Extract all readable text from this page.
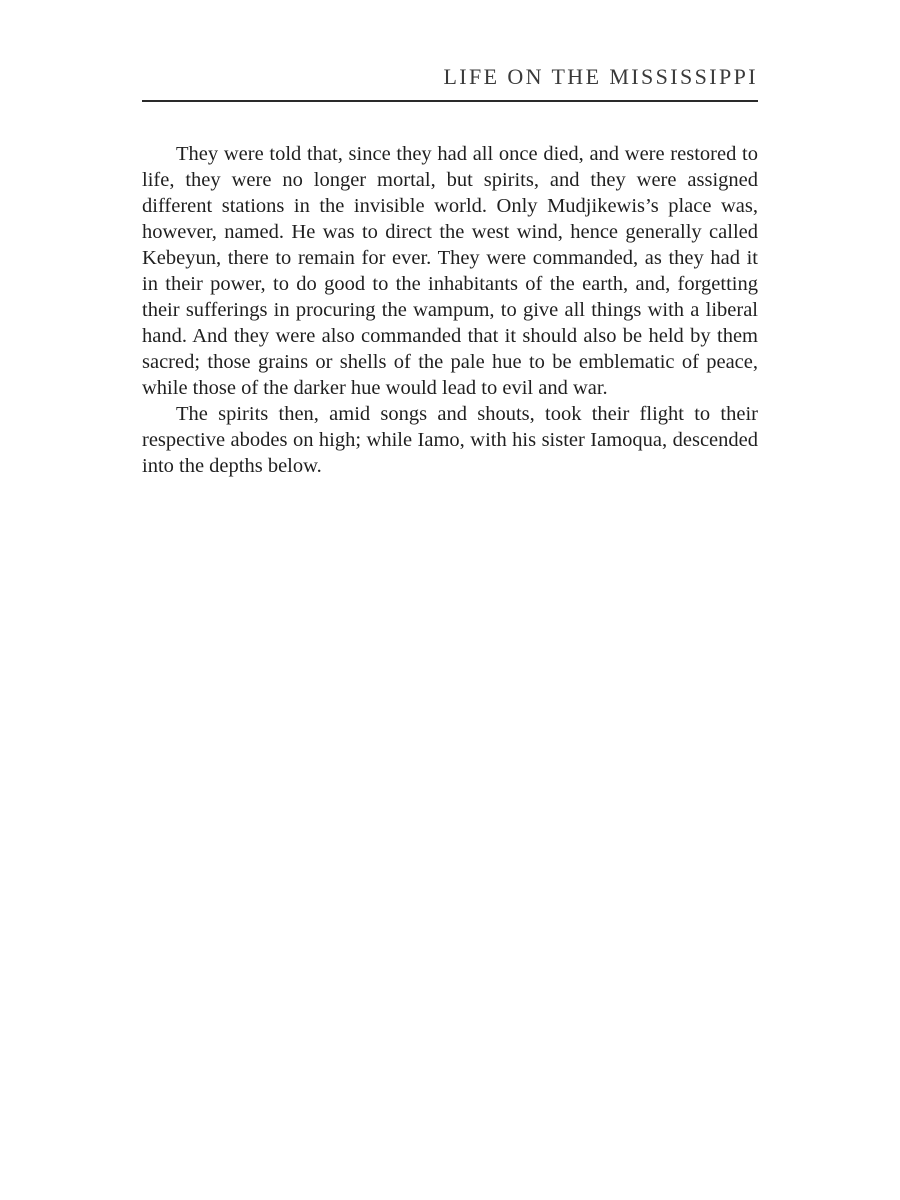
LIFE ON THE MISSISSIPPI

They were told that, since they had all once died, and were restored to life, they were no longer mortal, but spirits, and they were assigned different stations in the invisible world. Only Mudjikewis’s place was, however, named. He was to direct the west wind, hence generally called Kebeyun, there to remain for ever. They were commanded, as they had it in their power, to do good to the inhabitants of the earth, and, forgetting their sufferings in procuring the wampum, to give all things with a liberal hand. And they were also commanded that it should also be held by them sacred; those grains or shells of the pale hue to be emblematic of peace, while those of the darker hue would lead to evil and war.

The spirits then, amid songs and shouts, took their flight to their respective abodes on high; while Iamo, with his sister Iamoqua, descended into the depths below.
